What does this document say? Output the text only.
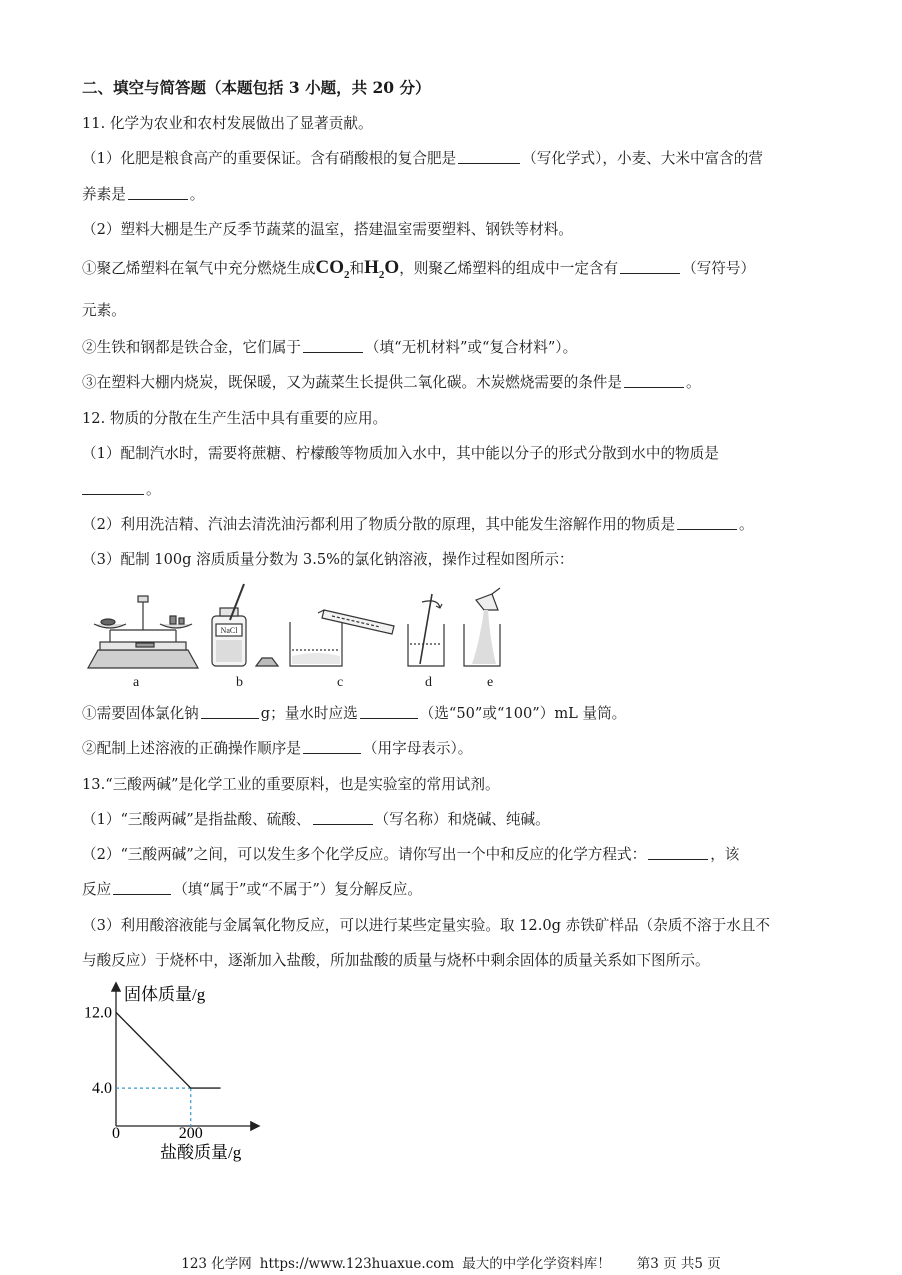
二、填空与简答题（本题包括 3 小题，共 20 分）
11. 化学为农业和农村发展做出了显著贡献。
（1）化肥是粮食高产的重要保证。含有硝酸根的复合肥是	（写化学式），小麦、大米中富含的营
养素是	。
（2）塑料大棚是生产反季节蔬菜的温室，搭建温室需要塑料、钢铁等材料。
①聚乙烯塑料在氧气中充分燃烧生成$CO_2$和$H_2O$，则聚乙烯塑料的组成中一定含有	（写符号）
元素。
②生铁和钢都是铁合金，它们属于	（填“无机材料”或“复合材料”）。
③在塑料大棚内烧炭，既保暖，又为蔬菜生长提供二氧化碳。木炭燃烧需要的条件是	。
12. 物质的分散在生产生活中具有重要的应用。
（1）配制汽水时，需要将蔗糖、柠檬酸等物质加入水中，其中能以分子的形式分散到水中的物质是
。
（2）利用洗洁精、汽油去清洗油污都利用了物质分散的原理，其中能发生溶解作用的物质是	。
（3）配制 100g 溶质质量分数为 3.5%的氯化钠溶液，操作过程如图所示：
NaCl
a	b	c	d	e
①需要固体氯化钠	g；量水时应选	（选“50”或“100”）mL 量筒。
②配制上述溶液的正确操作顺序是	（用字母表示）。
13.“三酸两碱”是化学工业的重要原料，也是实验室的常用试剂。
（1）“三酸两碱”是指盐酸、硫酸、	（写名称）和烧碱、纯碱。
（2）“三酸两碱”之间，可以发生多个化学反应。请你写出一个中和反应的化学方程式：	，该
反应	（填“属于”或“不属于”）复分解反应。
（3）利用酸溶液能与金属氧化物反应，可以进行某些定量实验。取 12.0g 赤铁矿样品（杂质不溶于水且不
与酸反应）于烧杯中，逐渐加入盐酸，所加盐酸的质量与烧杯中剩余固体的质量关系如下图所示。
固体质量/g
盐酸质量/g
0	200
12.0
4.0
123 化学网 https://www.123huaxue.com 最大的中学化学资料库！ 第3 页 共5 页
